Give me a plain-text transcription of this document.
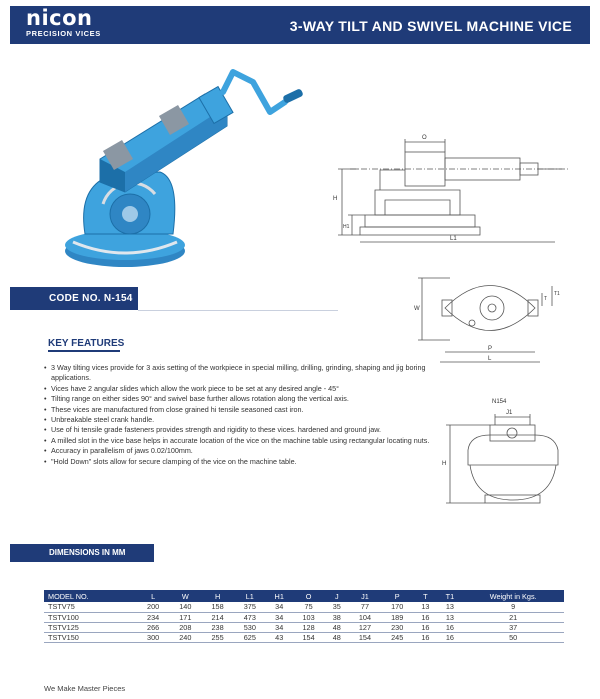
nicon
PRECISION VICES	3-WAY TILT AND SWIVEL MACHINE VICE
O
H
H1
L1
W
T
T1
P
L
N154
J1
H
CODE NO. N-154
KEY FEATURES
• 3 Way tilting vices provide for 3 axis setting of the workpiece in special milling, drilling, grinding, shaping and jig boring applications.
• Vices have 2 angular slides which allow the work piece to be set at any desired angle - 45°
• Tilting range on either sides 90° and swivel base further allows rotation along the vertical axis.
• These vices are manufactured from close grained hi tensile seasoned cast iron.
• Unbreakable steel crank handle.
• Use of hi tensile grade fasteners provides strength and rigidity to these vices. hardened and ground jaw.
• A milled slot in the vice base helps in accurate location of the vice on the machine table using rectangular locating nuts.
• Accuracy in parallelism of jaws 0.02/100mm.
• "Hold Down" slots allow for secure clamping of the vice on the machine table.
DIMENSIONS IN MM
MODEL NO.	L	W	H	L1	H1	O	J	J1	P	T	T1	Weight in Kgs.
TSTV75	200	140	158	375	34	75	35	77	170	13	13	9
TSTV100	234	171	214	473	34	103	38	104	189	16	13	21
TSTV125	266	208	238	530	34	128	48	127	230	16	16	37
TSTV150	300	240	255	625	43	154	48	154	245	16	16	50
We Make Master Pieces
